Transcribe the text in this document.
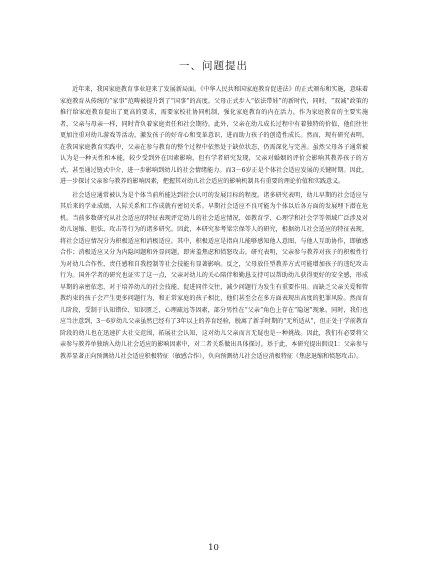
一、问题提出

近年来，我国家庭教育事业迎来了发展新局面。《中华人民共和国家庭教育促进法》的正式颁布和实施，意味着家庭教育从传统的“家事”范畴被提升到了“国事”的高度。父母正式步入“依法带娃”的新时代，同时，“双减”政策的推行给家庭教育提出了更高的要求，需要家校社协同机制，强化家庭教育的内在活力。作为家庭教育的主要实施者，父亲与母亲一样，同时背负着家庭责任和社会期待。此外，父亲在幼儿成长过程中有着独特的价值，他们往往更加注重对幼儿游戏等活动，激发孩子的好奇心和变革意识，进而助力孩子的创造性成长。然而，现有研究表明，在我国家庭教育实践中，父亲在参与教育的整个过程中依然处于缺位状态，仍需深化与完善。虽然父母各子通常被认为是一种天性和本能，较少受到外在因素影响，但有学者研究发现，父亲对婚姻的评价会影响其教养孩子的方式，甚至通过链式中介，进一步影响到幼儿的社会情绪能力。而3－6岁正是个体社会适应发展的关键时期。因此，进一步探讨父亲参与教养的影响因素，把握其对幼儿社会适应的影响机制具有重要的理论价值和实践意义。

社会适应通常被认为是个体当前所能达到社会认可的发展目标的程度。诸多研究表明，幼儿早期的社会适应与其后来的学业成绩、人际关系和工作成就有密切关系。早期社会适应不良可能为个体以后各方面的发展埋下潜在危机。当前多数研究从社会适应的特征表现评定幼儿的社会适应情况，如教育学、心理学和社会学等领域广泛涉及对幼儿退缩、胆怯、攻击等行为的诸多研究。因此，本研究参考梁宗保等人的研究，根据幼儿社会适应的特征表现，将社会适应情况分为积极适应和消极适应。其中，积极适应是指向儿能够感知他人意图、与他人互助协作，即敏感合作；消极适应又分为内隐问题和外显问题，即害羞焦虑和愤怒攻击。研究表明，父亲参与教养对孩子的积极性行为对幼儿合作性、责任感和自我控制等社会技能有显著影响。反之，父母放任型教养方式可能增加孩子的违纪攻击行为。国外学者的研究也证实了这一点，父亲对幼儿的关心陪伴和勤恳支持可以帮助幼儿获得更好的安全感，形成早期的亲密依恋，对于培养幼儿的社会技能，促进同伴交往，减少问题行为发生有重要作用。而缺乏父亲关爱和管教约束的孩子会产生更多问题行为，和正常家庭的孩子相比，他们甚至会在多方面表现出高度的犯罪风险。然而育儿阶段，受制于认知错位、知识匮乏、心理疏远等因素，部分男性在“父亲”角色上存在“隐退”现象。同时，我们也应当注意到，3－6岁幼儿父亲虽然已经有了3年以上的养育经验，脱离了新手时期的“无所适从”，但正处于学前教育阶段的幼儿也在迅速扩大社交范围，拓展社会认知，这对幼儿父亲而言无疑也是一种挑战。因此，我们有必要将父亲参与教养单独纳入幼儿社会适应的影响因素中，对二者关系做出具体探讨。基于此，本研究提出假设1：父亲参与教养显著正向预测幼儿社会适应积极特征（敏感合作），负向预测幼儿社会适应消极特征（焦虑退缩和愤怒攻击）。

10
